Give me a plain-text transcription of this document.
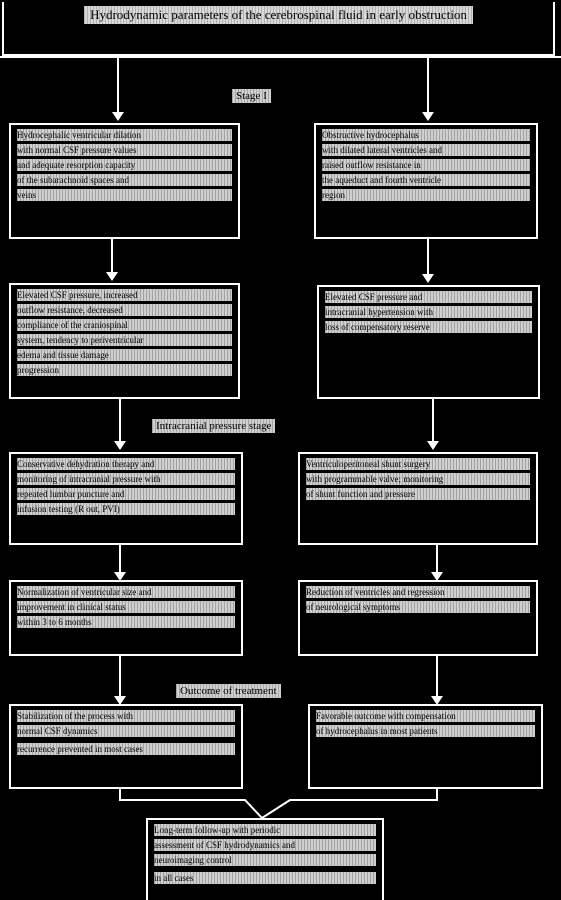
Hydrodynamic parameters of the cerebrospinal fluid in early obstruction
Stage I
Intracranial pressure stage
Outcome of treatment
Hydrocephalic ventricular dilation
with normal CSF pressure values
and adequate resorption capacity
of the subarachnoid spaces and
veins
Obstructive hydrocephalus
with dilated lateral ventricles and
raised outflow resistance in
the aqueduct and fourth ventricle
region
Elevated CSF pressure, increased
outflow resistance, decreased
compliance of the craniospinal
system, tendency to periventricular
edema and tissue damage
progression
Elevated CSF pressure and
intracranial hypertension with
loss of compensatory reserve
Conservative dehydration therapy and
monitoring of intracranial pressure with
repeated lumbar puncture and
infusion testing (R out, PVI)
Ventriculoperitoneal shunt surgery
with programmable valve; monitoring
of shunt function and pressure
Normalization of ventricular size and
improvement in clinical status
within 3 to 6 months
Reduction of ventricles and regression
of neurological symptoms
Stabilization of the process with
normal CSF dynamics
recurrence prevented in most cases
Favorable outcome with compensation
of hydrocephalus in most patients
Long-term follow-up with periodic
assessment of CSF hydrodynamics and
neuroimaging control
in all cases
